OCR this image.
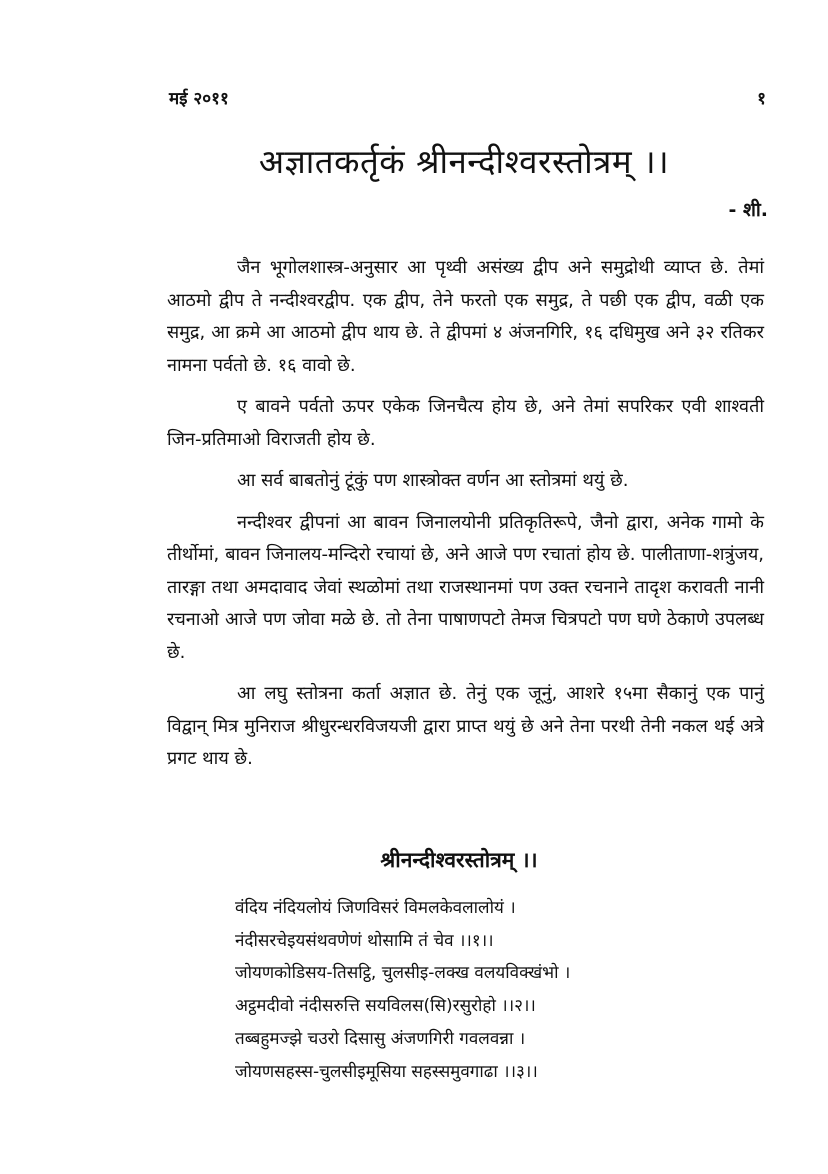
मई २०११	१
अज्ञातकर्तृकं श्रीनन्दीश्वरस्तोत्रम् ।।
- शी.

जैन भूगोलशास्त्र-अनुसार आ पृथ्वी असंख्य द्वीप अने समुद्रोथी व्याप्त छे. तेमां आठमो द्वीप ते नन्दीश्वरद्वीप. एक द्वीप, तेने फरतो एक समुद्र, ते पछी एक द्वीप, वळी एक समुद्र, आ क्रमे आ आठमो द्वीप थाय छे. ते द्वीपमां ४ अंजनगिरि, १६ दधिमुख अने ३२ रतिकर नामना पर्वतो छे. १६ वावो छे.

ए बावने पर्वतो ऊपर एकेक जिनचैत्य होय छे, अने तेमां सपरिकर एवी शाश्वती जिन-प्रतिमाओ विराजती होय छे.

आ सर्व बाबतोनुं टूंकुं पण शास्त्रोक्त वर्णन आ स्तोत्रमां थयुं छे.

नन्दीश्वर द्वीपनां आ बावन जिनालयोनी प्रतिकृतिरूपे, जैनो द्वारा, अनेक गामो के तीर्थोमां, बावन जिनालय-मन्दिरो रचायां छे, अने आजे पण रचातां होय छे. पालीताणा-शत्रुंजय, तारङ्गा तथा अमदावाद जेवां स्थळोमां तथा राजस्थानमां पण उक्त रचनाने तादृश करावती नानी रचनाओ आजे पण जोवा मळे छे. तो तेना पाषाणपटो तेमज चित्रपटो पण घणे ठेकाणे उपलब्ध छे.

आ लघु स्तोत्रना कर्ता अज्ञात छे. तेनुं एक जूनुं, आशरे १५मा सैकानुं एक पानुं विद्वान् मित्र मुनिराज श्रीधुरन्धरविजयजी द्वारा प्राप्त थयुं छे अने तेना परथी तेनी नकल थई अत्रे प्रगट थाय छे.

श्रीनन्दीश्वरस्तोत्रम् ।।
वंदिय नंदियलोयं जिणविसरं विमलकेवलालोयं ।
नंदीसरचेइयसंथवणेणं थोसामि तं चेव ।।१।।
जोयणकोडिसय-तिसट्ठि, चुलसीइ-लक्ख वलयविक्खंभो ।
अट्ठमदीवो नंदीसरुत्ति सयविलस(सि)रसुरोहो ।।२।।
तब्बहुमज्झे चउरो दिसासु अंजणगिरी गवलवन्ना ।
जोयणसहस्स-चुलसीइमूसिया सहस्समुवगाढा ।।३।।
